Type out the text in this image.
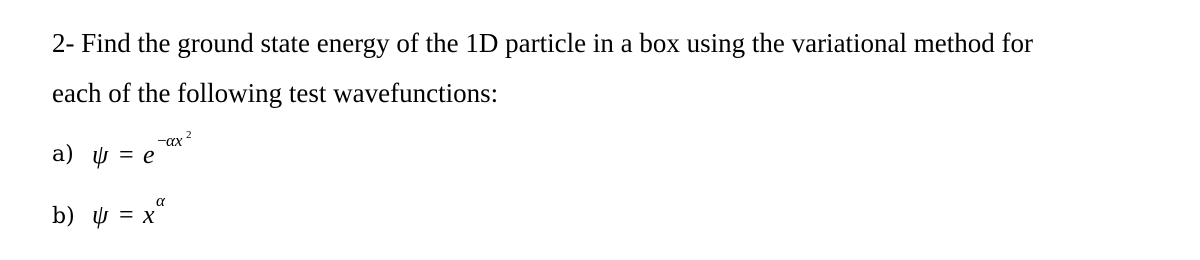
2- Find the ground state energy of the 1D particle in a box using the variational method for
each of the following test wavefunctions:
a) ψ = e −
αx 2
b) ψ = x α
